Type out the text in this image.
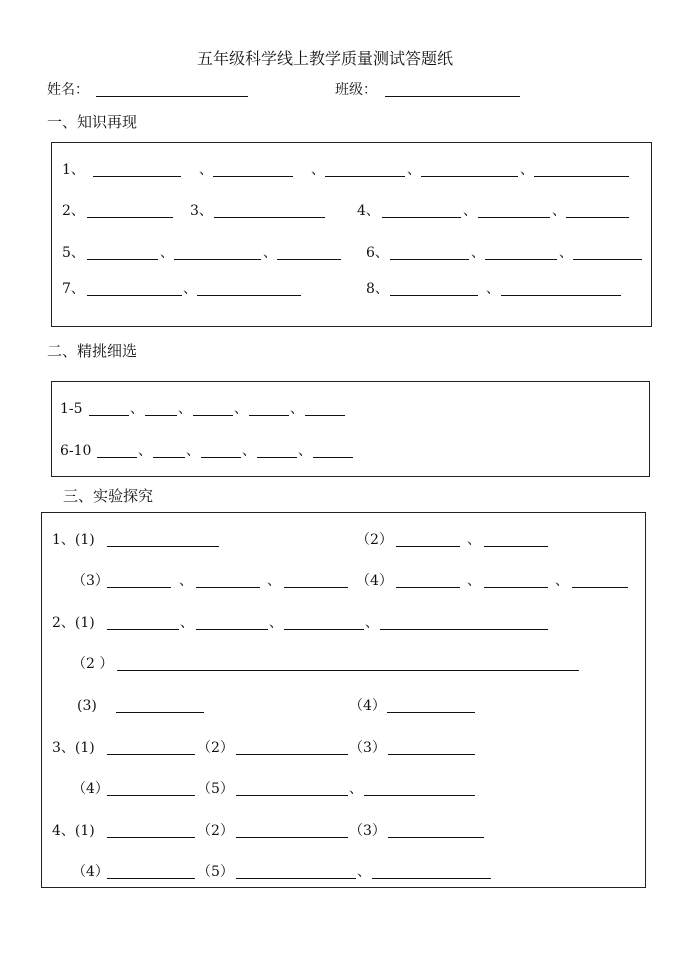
五年级科学线上教学质量测试答题纸
姓名：	班级：
一、知识再现
1、	、	、	、	、
2、	3、	4、	、	、
5、	、	、	6、	、	、
7、	、	8、	、
二、精挑细选
1-5	、 、	、	、
6-10	、 、	、	、
三、实验探究
1、(1)	（2）	、
（3）	、	、	（4）	、	、
2、(1)	、	、	、
（2 ）
(3)	（4）
3、(1)	（2）	（3）
（4）	（5）	、
4、(1)	（2）	（3）
（4）	（5）	、
